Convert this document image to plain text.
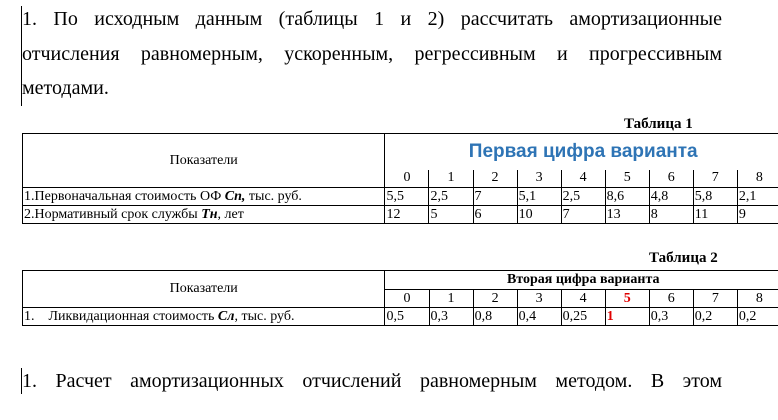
1. По исходным данным (таблицы 1 и 2) рассчитать амортизационные
отчисления равномерным, ускоренным, регрессивным и прогрессивным
методами.
Таблица 1
Показатели	Первая цифра варианта								
	0	1	2	3	4	5	6	7	8
1.Первоначальная стоимость ОФ Сп, тыс. руб.	5,5	2,5	7	5,1	2,5	8,6	4,8	5,8	2,1
2.Нормативный срок службы Тн, лет	12	5	6	10	7	13	8	11	9
Таблица 2
Показатели	Вторая цифра варианта								
	0	1	2	3	4	5	6	7	8
1.    Ликвидационная стоимость Сл, тыс. руб.	0,5	0,3	0,8	0,4	0,25	1	0,3	0,2	0,2
1. Расчет амортизационных отчислений равномерным методом. В этом
